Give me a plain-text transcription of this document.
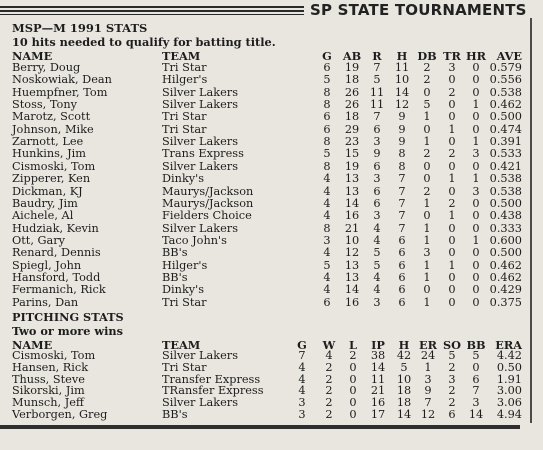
SP STATE TOURNAMENTS
MSP—M 1991 STATS
10 hits needed to qualify for batting title.
NAME	TEAM	G AB R	H DB TR HR AVE
Berry, Doug	Tri Star	6	19	7	11	2	3	0 0.579
Noskowiak, Dean	Hilger's	5	18	5	10	2	0	0 0.556
Huempfner, Tom	Silver Lakers	8	26 11 14	0	2	0 0.538
Stoss, Tony	Silver Lakers	8	26 11 12	5	0	1 0.462
Marotz, Scott	Tri Star	6	18	7	9	1	0	0 0.500
Johnson, Mike	Tri Star	6	29	6	9	0	1	0 0.474
Zarnott, Lee	Silver Lakers	8	23	3	9	1	0	1 0.391
Hunkins, Jim	Trans Express	5	15	9	8	2	2	3 0.533
Cismoski, Tom	Silver Lakers	8	19	6	8	0	0	0 0.421
Zipperer, Ken	Dinky's	4	13	3	7	0	1	1 0.538
Dickman, KJ	Maurys/Jackson	4	13	6	7	2	0	3 0.538
Baudry, Jim	Maurys/Jackson	4	14	6	7	1	2	0 0.500
Aichele, Al	Fielders Choice	4	16	3	7	0	1	0 0.438
Hudziak, Kevin	Silver Lakers	8	21	4	7	1	0	0 0.333
Ott, Gary	Taco John's	3	10	4	6	1	0	1 0.600
Renard, Dennis	BB's	4	12	5	6	3	0	0 0.500
Spiegl, John	Hilger's	5	13	5	6	1	1	0 0.462
Hansford, Todd	BB's	4	13	4	6	1	0	0 0.462
Fermanich, Rick	Dinky's	4	14	4	6	0	0	0 0.429
Parins, Dan	Tri Star	6	16	3	6	1	0	0 0.375
PITCHING STATS
Two or more wins
NAME	TEAM	G	W	L	IP	H ER SO BB ERA
Cismoski, Tom	Silver Lakers	7	4	2	38	42 24	5	5	4.42
Hansen, Rick	Tri Star	4	2	0	14	5	1	2	0	0.50
Thuss, Steve	Transfer Express	4	2	0	11	10	3	3	6	1.91
Sikorski, Jim	TRansfer Express	4	2	0	21	18	9	2	7	3.00
Munsch, Jeff	Silver Lakers	3	2	0	16	18	7	2	3	3.06
Verborgen, Greg	BB's	3	2	0	17	14 12	6	14	4.94
